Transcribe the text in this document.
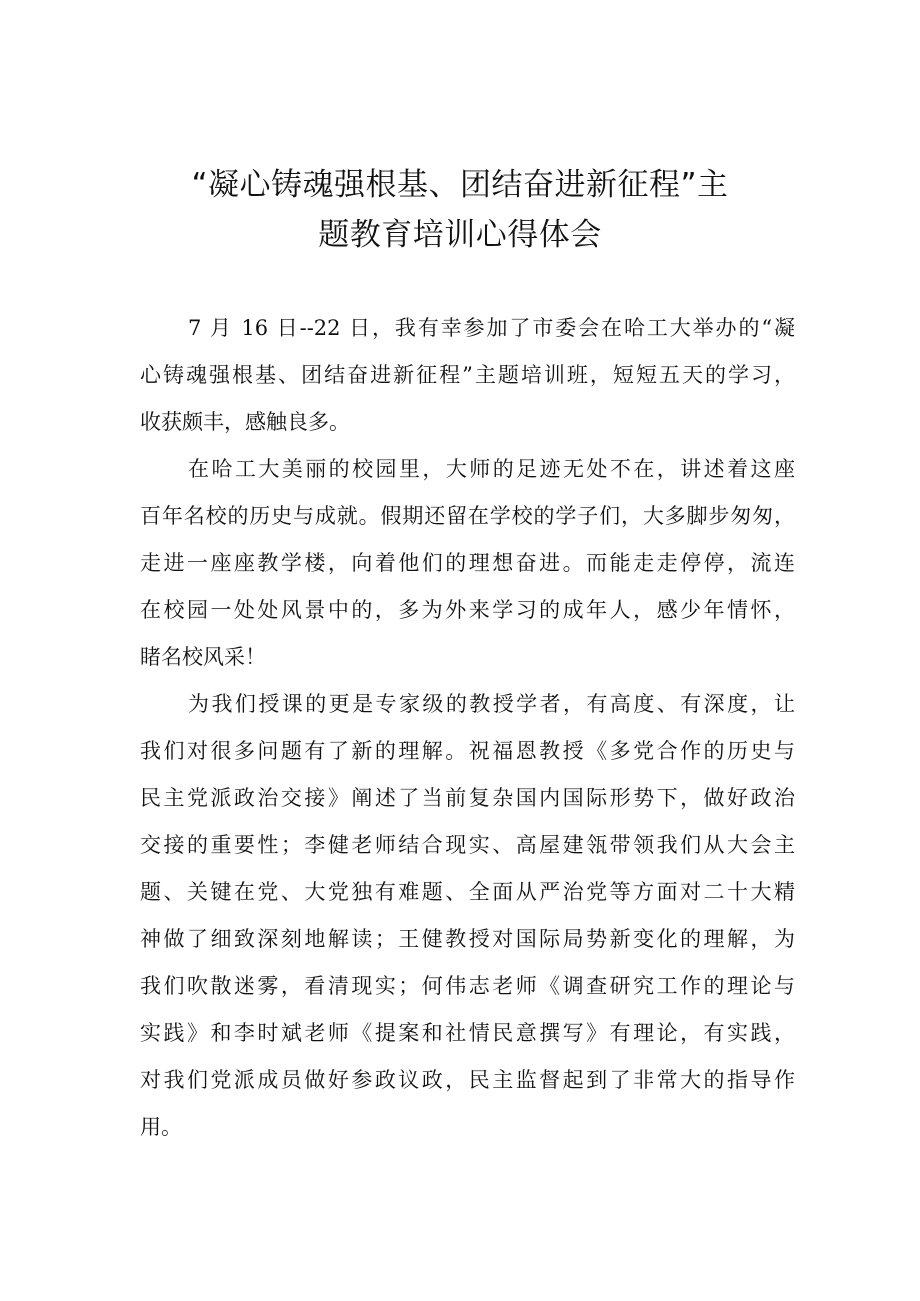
“凝心铸魂强根基、团结奋进新征程”主
题教育培训心得体会
7 月 16 日--22 日，我有幸参加了市委会在哈工大举办的“凝
心铸魂强根基、团结奋进新征程”主题培训班，短短五天的学习，
收获颇丰，感触良多。
在哈工大美丽的校园里，大师的足迹无处不在，讲述着这座
百年名校的历史与成就。假期还留在学校的学子们，大多脚步匆匆，
走进一座座教学楼，向着他们的理想奋进。而能走走停停，流连
在校园一处处风景中的，多为外来学习的成年人，感少年情怀，
睹名校风采！
为我们授课的更是专家级的教授学者，有高度、有深度，让
我们对很多问题有了新的理解。祝福恩教授《多党合作的历史与
民主党派政治交接》阐述了当前复杂国内国际形势下，做好政治
交接的重要性；李健老师结合现实、高屋建瓴带领我们从大会主
题、关键在党、大党独有难题、全面从严治党等方面对二十大精
神做了细致深刻地解读；王健教授对国际局势新变化的理解，为
我们吹散迷雾，看清现实；何伟志老师《调查研究工作的理论与
实践》和李时斌老师《提案和社情民意撰写》有理论，有实践，
对我们党派成员做好参政议政，民主监督起到了非常大的指导作
用。
